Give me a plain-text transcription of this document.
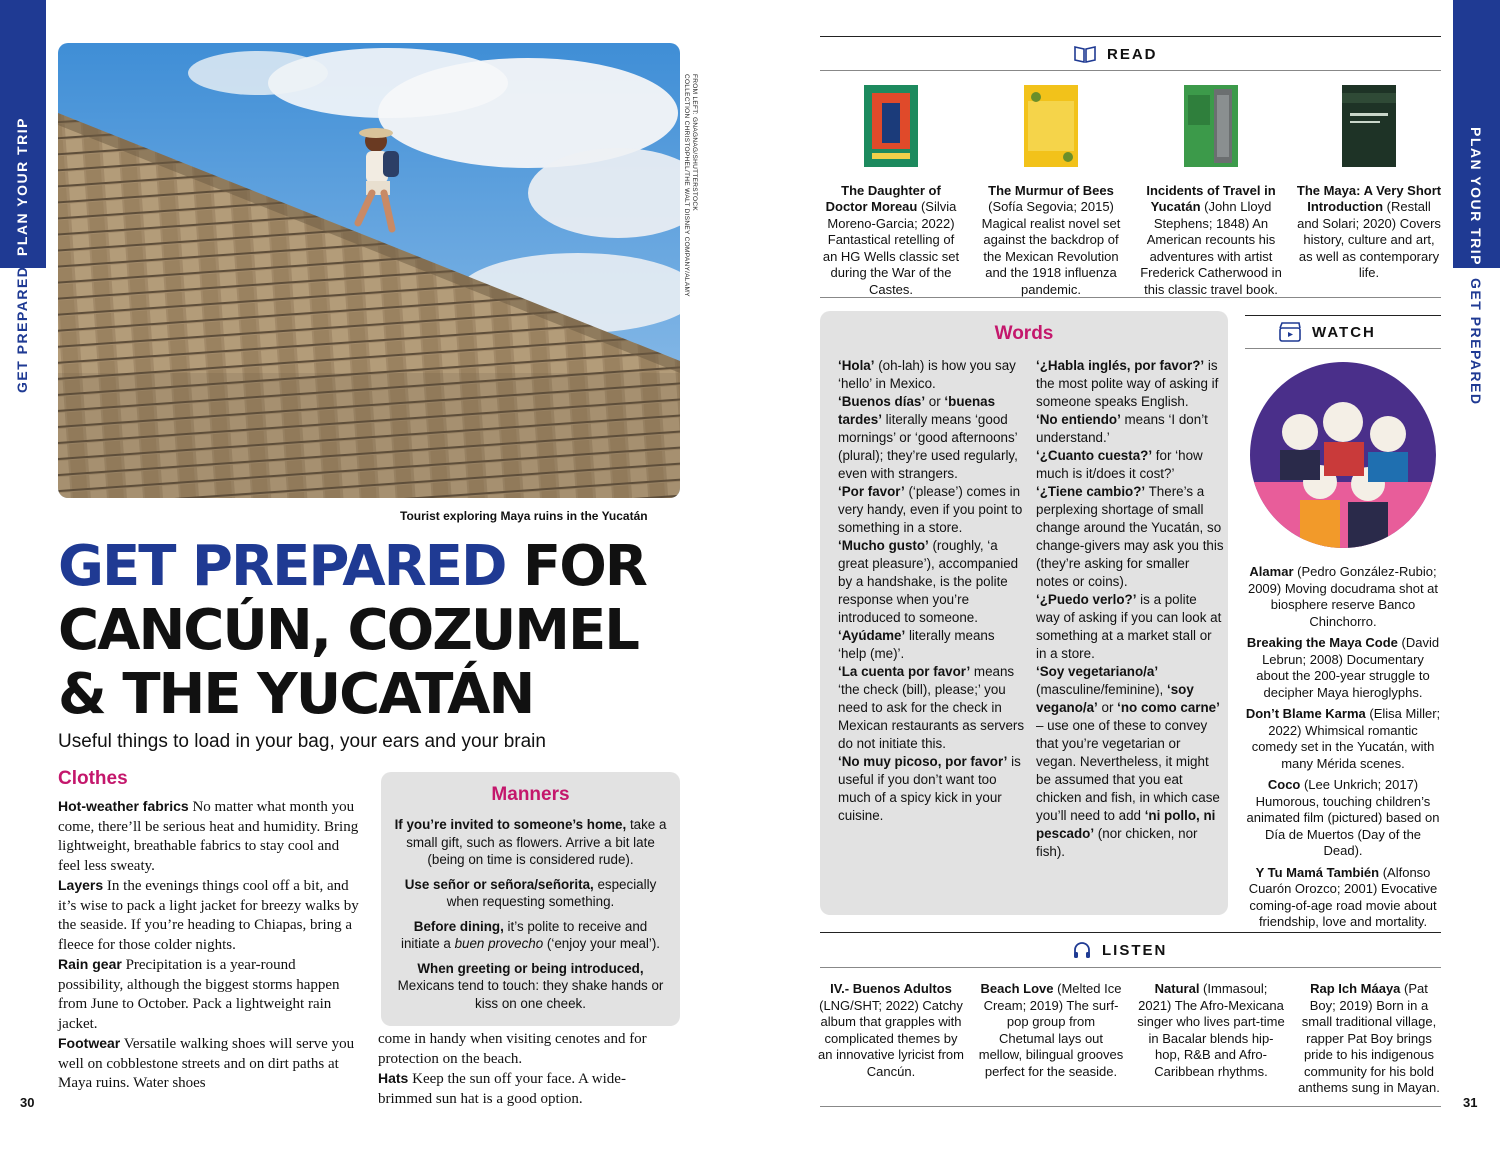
PLAN YOUR TRIP
GET PREPARED
PLAN YOUR TRIP
GET PREPARED
FROM LEFT: GNAGNAG/SHUTTERSTOCK
COLLECTION CHRISTOPHEL/THE WALT DISNEY COMPANY/ALAMY
Tourist exploring Maya ruins in the Yucatán
GET PREPARED FOR
CANCÚN, COZUMEL
& THE YUCATÁN
Useful things to load in your bag, your ears and your brain
Clothes

Hot-weather fabrics No matter what month you come, there’ll be serious heat and humidity. Bring lightweight, breathable fabrics to stay cool and feel less sweaty.

Layers In the evenings things cool off a bit, and it’s wise to pack a light jacket for breezy walks by the seaside. If you’re heading to Chiapas, bring a fleece for those colder nights.

Rain gear Precipitation is a year-round possibility, although the biggest storms happen from June to October. Pack a lightweight rain jacket.

Footwear Versatile walking shoes will serve you well on cobblestone streets and on dirt paths at Maya ruins. Water shoes

come in handy when visiting cenotes and for protection on the beach.

Hats Keep the sun off your face. A wide-brimmed sun hat is a good option.

Manners

If you’re invited to someone’s home, take a small gift, such as flowers. Arrive a bit late (being on time is considered rude).

Use señor or señora/señorita, especially when requesting something.

Before dining, it’s polite to receive and initiate a buen provecho (‘enjoy your meal’).

When greeting or being introduced, Mexicans tend to touch: they shake hands or kiss on one cheek.

30
READ
The Daughter of Doctor Moreau (Silvia Moreno-Garcia; 2022) Fantastical retelling of an HG Wells classic set during the War of the Castes.
The Murmur of Bees (Sofía Segovia; 2015) Magical realist novel set against the backdrop of the Mexican Revolution and the 1918 influenza pandemic.
Incidents of Travel in Yucatán (John Lloyd Stephens; 1848) An American recounts his adventures with artist Frederick Catherwood in this classic travel book.
The Maya: A Very Short Introduction (Restall and Solari; 2020) Covers history, culture and art, as well as contemporary life.
Words

‘Hola’ (oh-lah) is how you say ‘hello’ in Mexico.

‘Buenos días’ or ‘buenas tardes’ literally means ‘good mornings’ or ‘good afternoons’ (plural); they’re used regularly, even with strangers.

‘Por favor’ (‘please’) comes in very handy, even if you point to something in a store.

‘Mucho gusto’ (roughly, ‘a great pleasure’), accompanied by a handshake, is the polite response when you’re introduced to someone.

‘Ayúdame’ literally means ‘help (me)’.

‘La cuenta por favor’ means ‘the check (bill), please;’ you need to ask for the check in Mexican restaurants as servers do not initiate this.

‘No muy picoso, por favor’ is useful if you don’t want too much of a spicy kick in your cuisine.

‘¿Habla inglés, por favor?’ is the most polite way of asking if someone speaks English.

‘No entiendo’ means ‘I don’t understand.’

‘¿Cuanto cuesta?’ for ‘how much is it/does it cost?’

‘¿Tiene cambio?’ There’s a perplexing shortage of small change around the Yucatán, so change-givers may ask you this (they’re asking for smaller notes or coins).

‘¿Puedo verlo?’ is a polite way of asking if you can look at something at a market stall or in a store.

‘Soy vegetariano/a’ (masculine/feminine), ‘soy vegano/a’ or ‘no como carne’ – use one of these to convey that you’re vegetarian or vegan. Nevertheless, it might be assumed that you eat chicken and fish, in which case you’ll need to add ‘ni pollo, ni pescado’ (nor chicken, nor fish).

WATCH
Alamar (Pedro González-Rubio; 2009) Moving docudrama shot at biosphere reserve Banco Chinchorro.
Breaking the Maya Code (David Lebrun; 2008) Documentary about the 200-year struggle to decipher Maya hieroglyphs.
Don’t Blame Karma (Elisa Miller; 2022) Whimsical romantic comedy set in the Yucatán, with many Mérida scenes.
Coco (Lee Unkrich; 2017) Humorous, touching children’s animated film (pictured) based on Día de Muertos (Day of the Dead).
Y Tu Mamá También (Alfonso Cuarón Orozco; 2001) Evocative coming-of-age road movie about friendship, love and mortality.
LISTEN
IV.- Buenos Adultos (LNG/SHT; 2022) Catchy album that grapples with complicated themes by an innovative lyricist from Cancún.
Beach Love (Melted Ice Cream; 2019) The surf-pop group from Chetumal lays out mellow, bilingual grooves perfect for the seaside.
Natural (Immasoul; 2021) The Afro-Mexicana singer who lives part-time in Bacalar blends hip-hop, R&B and Afro-Caribbean rhythms.
Rap Ich Máaya (Pat Boy; 2019) Born in a small traditional village, rapper Pat Boy brings pride to his indigenous community for his bold anthems sung in Mayan.
31
